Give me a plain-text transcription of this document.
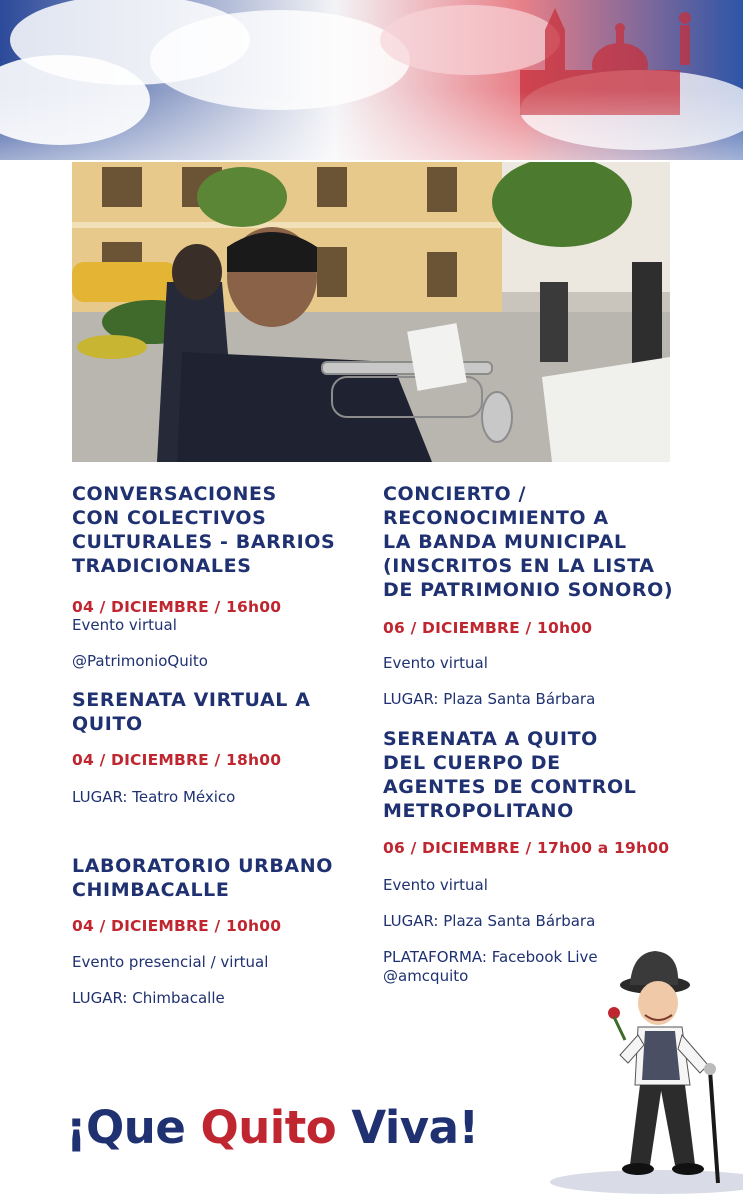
CONVERSACIONES
CON COLECTIVOS
CULTURALES - BARRIOS
TRADICIONALES
04 / DICIEMBRE / 16h00
Evento virtual
@PatrimonioQuito
SERENATA VIRTUAL A
QUITO
04 / DICIEMBRE / 18h00
LUGAR: Teatro México
LABORATORIO URBANO
CHIMBACALLE
04 / DICIEMBRE / 10h00
Evento presencial / virtual
LUGAR: Chimbacalle
CONCIERTO /
RECONOCIMIENTO A
LA BANDA MUNICIPAL
(INSCRITOS EN LA LISTA
DE PATRIMONIO SONORO)
06 / DICIEMBRE / 10h00
Evento virtual
LUGAR: Plaza Santa Bárbara
SERENATA A QUITO
DEL CUERPO DE
AGENTES DE CONTROL
METROPOLITANO
06 / DICIEMBRE / 17h00 a 19h00
Evento virtual
LUGAR: Plaza Santa Bárbara
PLATAFORMA: Facebook Live
@amcquito
¡Que Quito Viva!
